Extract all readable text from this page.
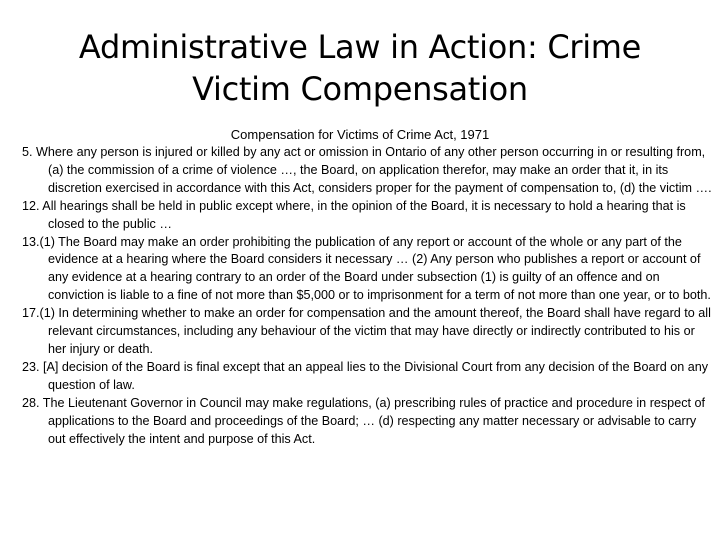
Administrative Law in Action: Crime
Victim Compensation
Compensation for Victims of Crime Act, 1971
5. Where any person is injured or killed by any act or omission in Ontario of any other person occurring in or resulting from, (a) the commission of a crime of violence …, the Board, on application therefor, may make an order that it, in its discretion exercised in accordance with this Act, considers proper for the payment of compensation to, (d) the victim ….
12. All hearings shall be held in public except where, in the opinion of the Board, it is necessary to hold a hearing that is closed to the public …
13.(1) The Board may make an order prohibiting the publication of any report or account of the whole or any part of the evidence at a hearing where the Board considers it necessary … (2) Any person who publishes a report or account of any evidence at a hearing contrary to an order of the Board under subsection (1) is guilty of an offence and on conviction is liable to a fine of not more than $5,000 or to imprisonment for a term of not more than one year, or to both.
17.(1) In determining whether to make an order for compensation and the amount thereof, the Board shall have regard to all relevant circumstances, including any behaviour of the victim that may have directly or indirectly contributed to his or her injury or death.
23. [A] decision of the Board is final except that an appeal lies to the Divisional Court from any decision of the Board on any question of law.
28. The Lieutenant Governor in Council may make regulations, (a) prescribing rules of practice and procedure in respect of applications to the Board and proceedings of the Board; … (d) respecting any matter necessary or advisable to carry out effectively the intent and purpose of this Act.
